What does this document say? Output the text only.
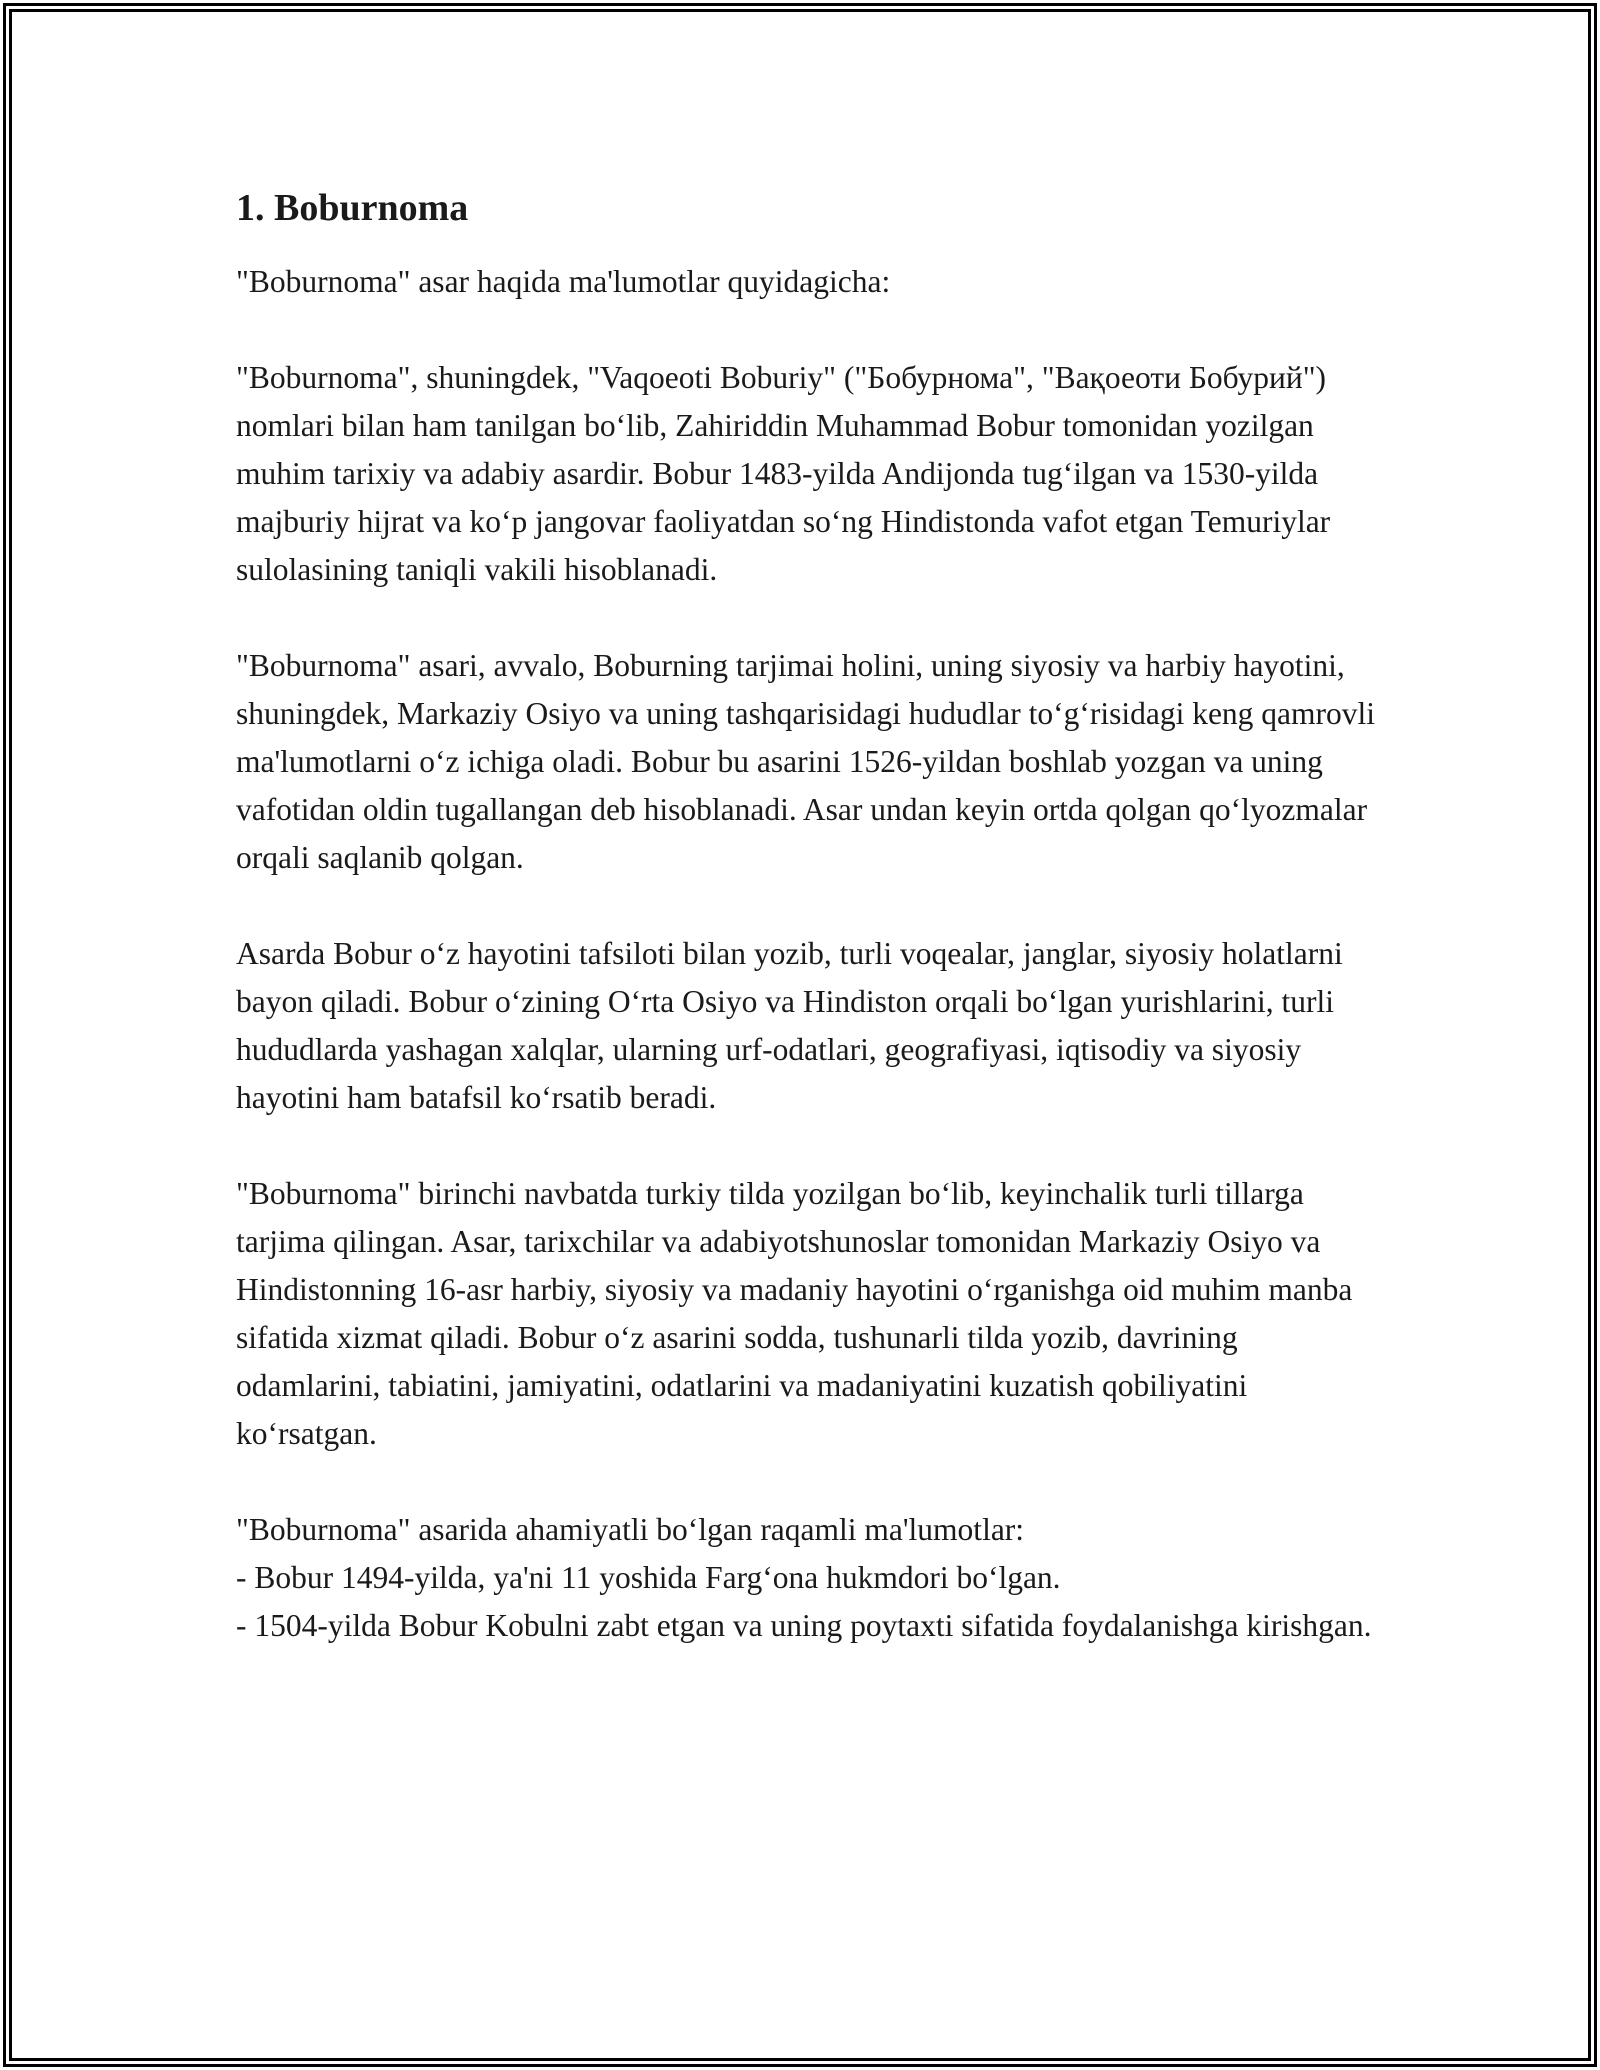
1. Boburnoma

"Boburnoma" asar haqida ma'lumotlar quyidagicha:

"Boburnoma", shuningdek, "Vaqoeoti Boburiy" ("Бобурнома", "Вақоеоти Бобурий") nomlari bilan ham tanilgan bo‘lib, Zahiriddin Muhammad Bobur tomonidan yozilgan muhim tarixiy va adabiy asardir. Bobur 1483-yilda Andijonda tug‘ilgan va 1530-yilda majburiy hijrat va ko‘p jangovar faoliyatdan so‘ng Hindistonda vafot etgan Temuriylar sulolasining taniqli vakili hisoblanadi.

"Boburnoma" asari, avvalo, Boburning tarjimai holini, uning siyosiy va harbiy hayotini, shuningdek, Markaziy Osiyo va uning tashqarisidagi hududlar to‘g‘risidagi keng qamrovli ma'lumotlarni o‘z ichiga oladi. Bobur bu asarini 1526-yildan boshlab yozgan va uning vafotidan oldin tugallangan deb hisoblanadi. Asar undan keyin ortda qolgan qo‘lyozmalar orqali saqlanib qolgan.

Asarda Bobur o‘z hayotini tafsiloti bilan yozib, turli voqealar, janglar, siyosiy holatlarni bayon qiladi. Bobur o‘zining O‘rta Osiyo va Hindiston orqali bo‘lgan yurishlarini, turli hududlarda yashagan xalqlar, ularning urf-odatlari, geografiyasi, iqtisodiy va siyosiy hayotini ham batafsil ko‘rsatib beradi.

"Boburnoma" birinchi navbatda turkiy tilda yozilgan bo‘lib, keyinchalik turli tillarga tarjima qilingan. Asar, tarixchilar va adabiyotshunoslar tomonidan Markaziy Osiyo va Hindistonning 16-asr harbiy, siyosiy va madaniy hayotini o‘rganishga oid muhim manba sifatida xizmat qiladi. Bobur o‘z asarini sodda, tushunarli tilda yozib, davrining odamlarini, tabiatini, jamiyatini, odatlarini va madaniyatini kuzatish qobiliyatini ko‘rsatgan.

"Boburnoma" asarida ahamiyatli bo‘lgan raqamli ma'lumotlar:
- Bobur 1494-yilda, ya'ni 11 yoshida Farg‘ona hukmdori bo‘lgan.
- 1504-yilda Bobur Kobulni zabt etgan va uning poytaxti sifatida foydalanishga kirishgan.
